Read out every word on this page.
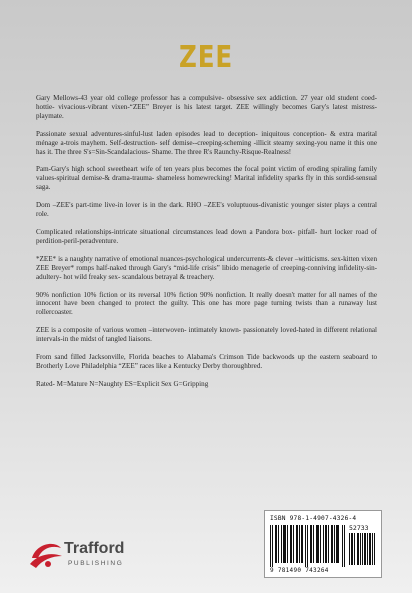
ZEE

Gary Mellows-43 year old college professor has a compulsive- obsessive sex addiction. 27 year old student coed- hottie- vivacious-vibrant vixen-“ZEE” Breyer is his latest target. ZEE willingly becomes Gary's latest mistress-playmate.

Passionate sexual adventures-sinful-lust laden episodes lead to deception- iniquitous conception- & extra marital ménage a-trois mayhem. Self-destruction- self demise--creeping-scheming -illicit steamy sexing-you name it this one has it. The three S's=Sin-Scandalacious- Shame. The three R's Raunchy-Risque-Realness!

Pam-Gary's high school sweetheart wife of ten years plus becomes the focal point victim of eroding spiraling family values-spiritual demise-& drama-trauma- shameless homewrecking! Marital infidelity sparks fly in this sordid-sensual saga.

Dom –ZEE's part-time live-in lover is in the dark. RHO –ZEE's voluptuous-divanistic younger sister plays a central role.

Complicated relationships-intricate situational circumstances lead down a Pandora box- pitfall- hurt locker road of perdition-peril-peradventure.

*ZEE* is a naughty narrative of emotional nuances-psychological undercurrents-& clever –witticisms. sex-kitten vixen ZEE Breyer* romps half-naked through Gary's “mid-life crisis” libido menagerie of creeping-conniving infidelity-sin-adultery- hot wild freaky sex- scandalous betrayal & treachery.

90% nonfiction 10% fiction or its reversal 10% fiction 90% nonfiction. It really doesn't matter for all names of the innocent have been changed to protect the guilty. This one has more page turning twists than a runaway lust rollercoaster.

ZEE is a composite of various women –interwoven- intimately known- passionately loved-hated in different relational intervals-in the midst of tangled liaisons.

From sand filled Jacksonville, Florida beaches to Alabama's Crimson Tide backwoods up the eastern seaboard to Brotherly Love Philadelphia “ZEE” races like a Kentucky Derby thoroughbred.

Rated- M=Mature N=Naughty ES=Explicit Sex G=Gripping

ISBN 978-1-4907-4326-4
52733
9 781490 743264
Trafford
PUBLISHING
